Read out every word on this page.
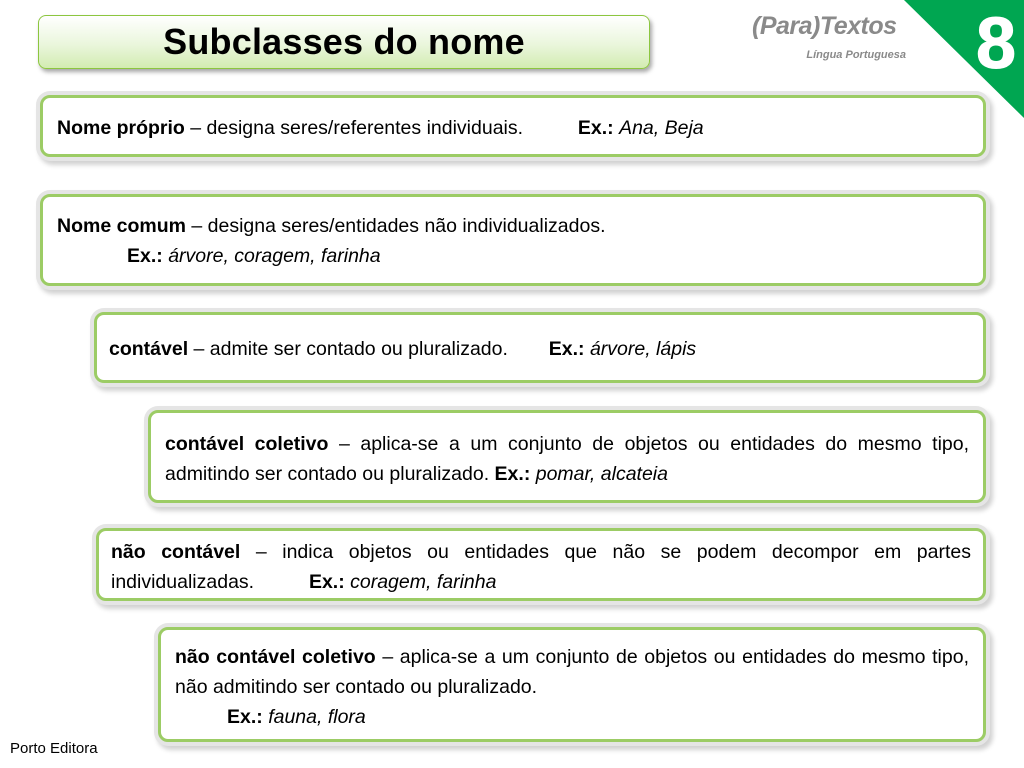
Subclasses do nome	(Para)Textos
Língua Portuguesa 8
Nome próprio – designa seres/referentes individuais.	Ex.: Ana, Beja
Nome comum – designa seres/entidades não individualizados.
Ex.: árvore, coragem, farinha
contável – admite ser contado ou pluralizado. Ex.: árvore, lápis
contável coletivo – aplica-se a um conjunto de objetos ou entidades do mesmo tipo, admitindo ser contado ou pluralizado. Ex.: pomar, alcateia
não contável – indica objetos ou entidades que não se podem decompor em partes individualizadas.	Ex.: coragem, farinha
não contável coletivo – aplica-se a um conjunto de objetos ou entidades do mesmo tipo, não admitindo ser contado ou pluralizado.
Ex.: fauna, flora
Porto Editora
